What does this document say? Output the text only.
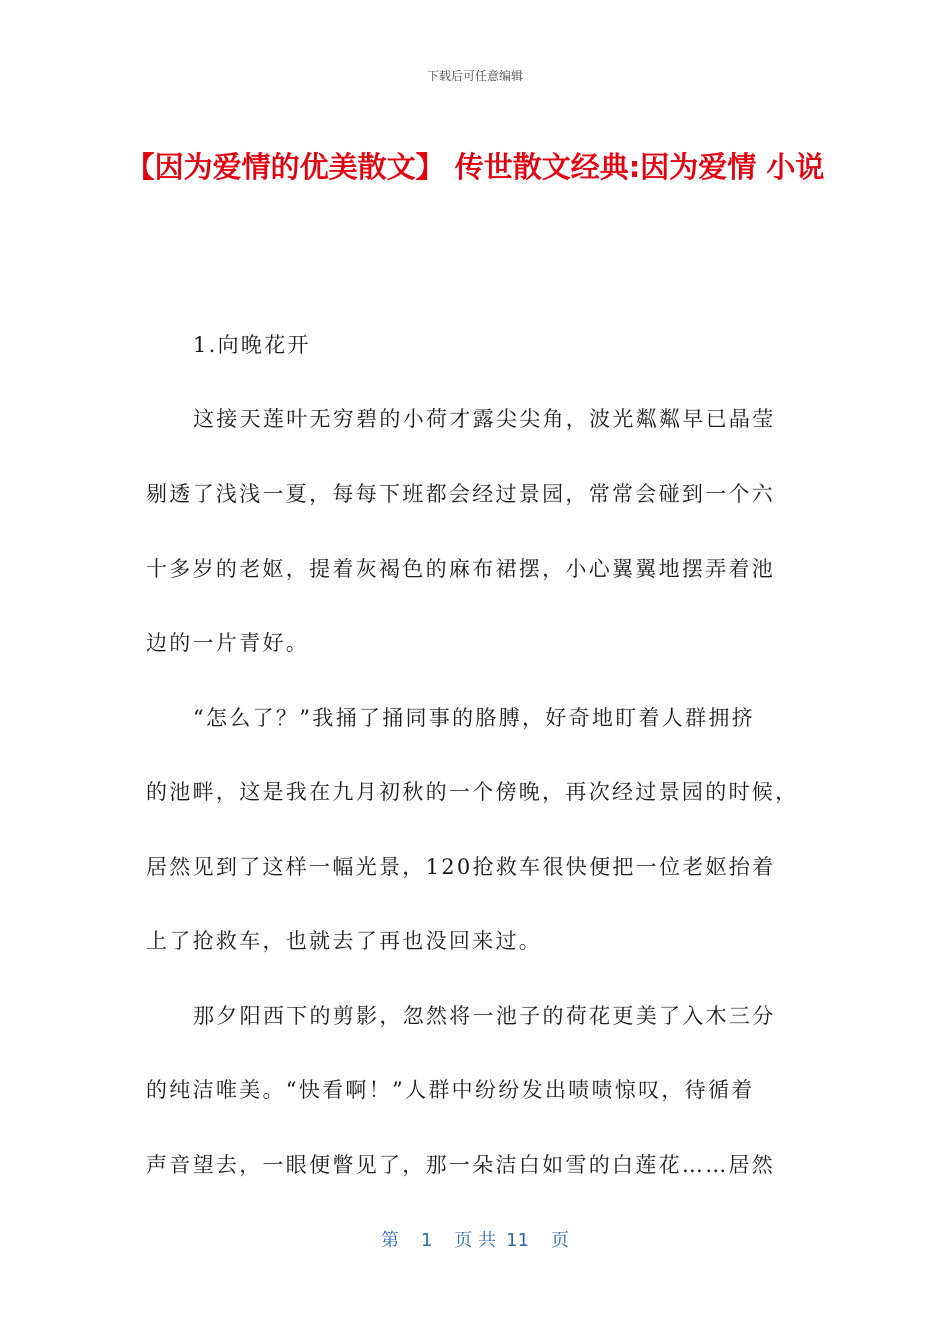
下载后可任意编辑
【因为爱情的优美散文】 传世散文经典:因为爱情 小说
1.向晚花开
这接天莲叶无穷碧的小荷才露尖尖角，波光粼粼早已晶莹
剔透了浅浅一夏，每每下班都会经过景园，常常会碰到一个六
十多岁的老妪，提着灰褐色的麻布裙摆，小心翼翼地摆弄着池
边的一片青好。
“怎么了？”我捅了捅同事的胳膊，好奇地盯着人群拥挤
的池畔，这是我在九月初秋的一个傍晚，再次经过景园的时候，
居然见到了这样一幅光景，120抢救车很快便把一位老妪抬着
上了抢救车，也就去了再也没回来过。
那夕阳西下的剪影，忽然将一池子的荷花更美了入木三分
的纯洁唯美。“快看啊！”人群中纷纷发出啧啧惊叹，待循着
声音望去，一眼便瞥见了，那一朵洁白如雪的白莲花……居然
第 1 页 共 11 页
